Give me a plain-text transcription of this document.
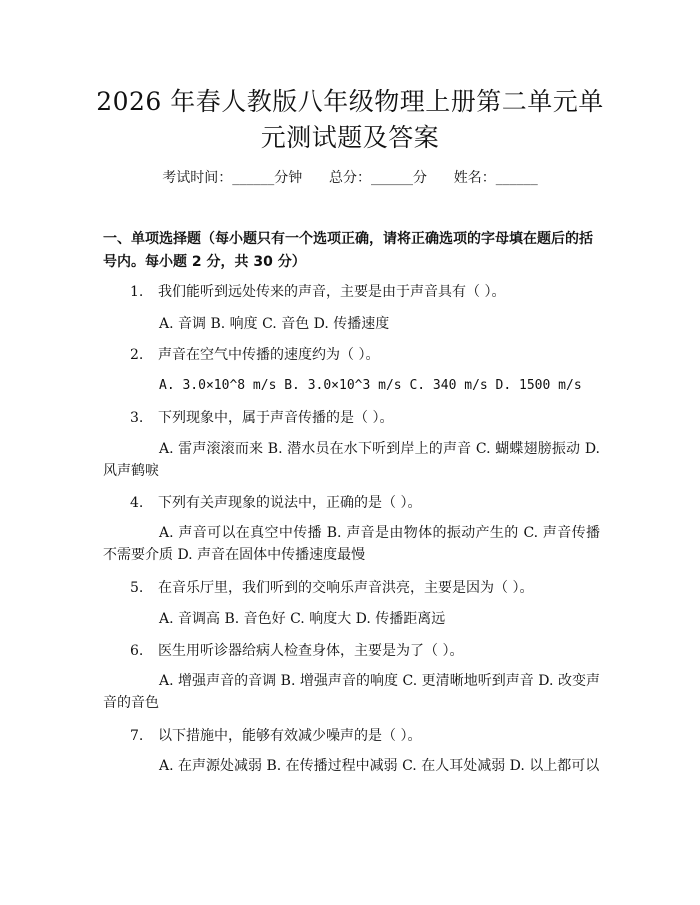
2026 年春人教版八年级物理上册第二单元单
元测试题及答案
考试时间：______分钟 总分：______分 姓名：______
一、单项选择题（每小题只有一个选项正确，请将正确选项的字母填在题后的括号内。每小题 2 分，共 30 分）
1. 我们能听到远处传来的声音，主要是由于声音具有（ ）。
A. 音调 B. 响度 C. 音色 D. 传播速度
2. 声音在空气中传播的速度约为（ ）。
A. 3.0×10^8 m/s B. 3.0×10^3 m/s C. 340 m/s D. 1500 m/s
3. 下列现象中，属于声音传播的是（ ）。
A. 雷声滚滚而来 B. 潜水员在水下听到岸上的声音 C. 蝴蝶翅膀振动 D. 风声鹤唳
4. 下列有关声现象的说法中，正确的是（ ）。
A. 声音可以在真空中传播 B. 声音是由物体的振动产生的 C. 声音传播不需要介质 D. 声音在固体中传播速度最慢
5. 在音乐厅里，我们听到的交响乐声音洪亮，主要是因为（ ）。
A. 音调高 B. 音色好 C. 响度大 D. 传播距离远
6. 医生用听诊器给病人检查身体，主要是为了（ ）。
A. 增强声音的音调 B. 增强声音的响度 C. 更清晰地听到声音 D. 改变声音的音色
7. 以下措施中，能够有效减少噪声的是（ ）。
A. 在声源处减弱 B. 在传播过程中减弱 C. 在人耳处减弱 D. 以上都可以
